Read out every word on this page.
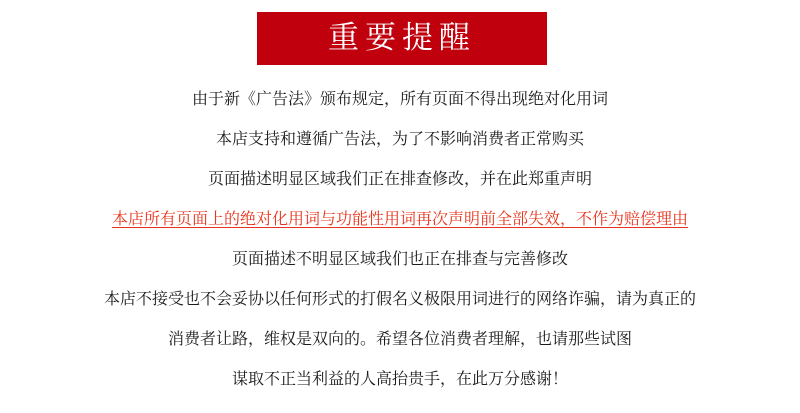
重要提醒
由于新《广告法》颁布规定，所有页面不得出现绝对化用词
本店支持和遵循广告法，为了不影响消费者正常购买
页面描述明显区域我们正在排查修改，并在此郑重声明
本店所有页面上的绝对化用词与功能性用词再次声明前全部失效，不作为赔偿理由
页面描述不明显区域我们也正在排查与完善修改
本店不接受也不会妥协以任何形式的打假名义极限用词进行的网络诈骗，请为真正的
消费者让路，维权是双向的。希望各位消费者理解，也请那些试图
谋取不正当利益的人高抬贵手，在此万分感谢！
